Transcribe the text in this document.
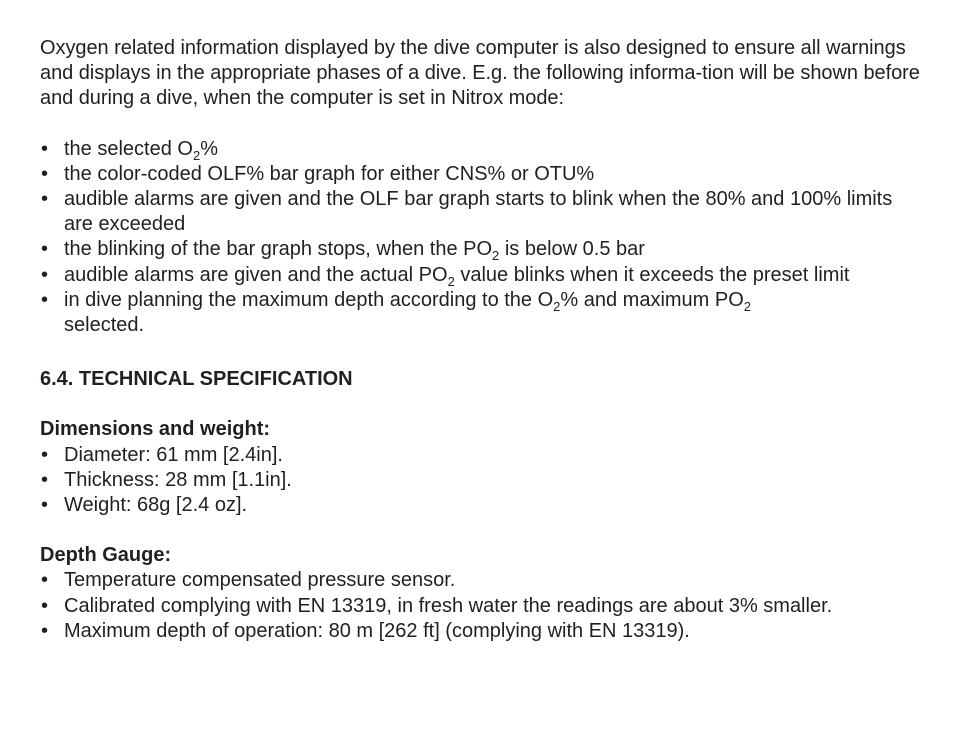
Oxygen related information displayed by the dive computer is also designed to ensure all warnings and displays in the appropriate phases of a dive. E.g. the following informa-tion will be shown before and during a dive, when the computer is set in Nitrox mode:

• the selected $O_2\%$
• the color-coded OLF% bar graph for either CNS% or OTU%
• audible alarms are given and the OLF bar graph starts to blink when the 80% and 100% limits are exceeded
• the blinking of the bar graph stops, when the $PO_2$ is below 0.5 bar
• audible alarms are given and the actual $PO_2$ value blinks when it exceeds the preset limit
• in dive planning the maximum depth according to the $O_2\%$ and maximum $PO_2$
selected.

6.4. TECHNICAL SPECIFICATION

Dimensions and weight:

• Diameter: 61 mm [2.4in].
• Thickness: 28 mm [1.1in].
• Weight: 68g [2.4 oz].

Depth Gauge:

• Temperature compensated pressure sensor.
• Calibrated complying with EN 13319, in fresh water the readings are about 3% smaller.
• Maximum depth of operation: 80 m [262 ft] (complying with EN 13319).
